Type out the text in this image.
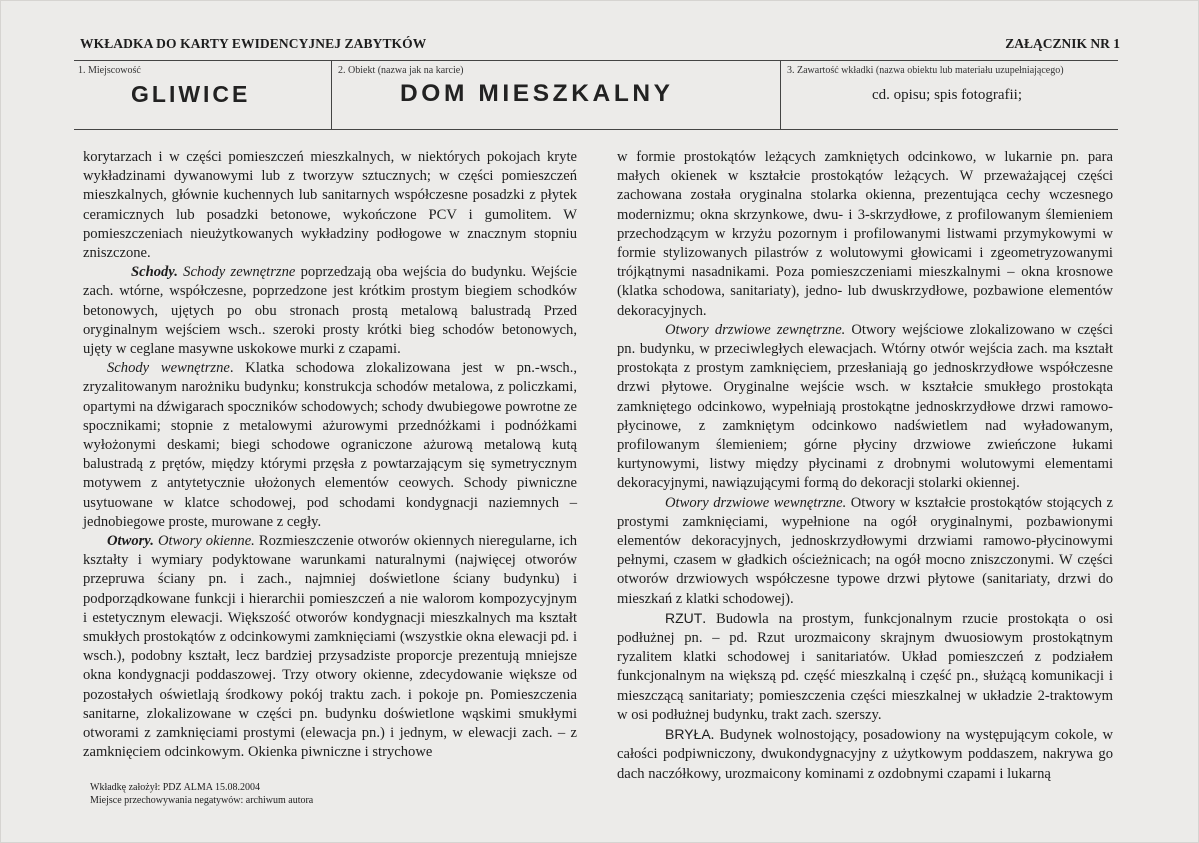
WKŁADKA DO KARTY EWIDENCYJNEJ ZABYTKÓW	ZAŁĄCZNIK NR 1
1. Miejscowość
GLIWICE
2. Obiekt (nazwa jak na karcie)
DOM MIESZKALNY
3. Zawartość wkładki (nazwa obiektu lub materiału uzupełniającego)
cd. opisu; spis fotografii;

korytarzach i w części pomieszczeń mieszkalnych, w niektórych pokojach kryte wykładzinami dywanowymi lub z tworzyw sztucznych; w części pomieszczeń mieszkalnych, głównie kuchennych lub sanitarnych współczesne posadzki z płytek ceramicznych lub posadzki betonowe, wykończone PCV i gumolitem. W pomieszczeniach nieużytkowanych wykładziny podłogowe w znacznym stopniu zniszczone.

Schody. Schody zewnętrzne poprzedzają oba wejścia do budynku. Wejście zach. wtórne, współczesne, poprzedzone jest krótkim prostym biegiem schodków betonowych, ujętych po obu stronach prostą metalową balustradą Przed oryginalnym wejściem wsch.. szeroki prosty krótki bieg schodów betonowych, ujęty w ceglane masywne uskokowe murki z czapami.

Schody wewnętrzne. Klatka schodowa zlokalizowana jest w pn.-wsch., zryzalitowanym narożniku budynku; konstrukcja schodów metalowa, z policzkami, opartymi na dźwigarach spoczników schodowych; schody dwubiegowe powrotne ze spocznikami; stopnie z metalowymi ażurowymi przednóżkami i podnóżkami wyłożonymi deskami; biegi schodowe ograniczone ażurową metalową kutą balustradą z prętów, między którymi przęsła z powtarzającym się symetrycznym motywem z antytetycznie ułożonych elementów ceowych. Schody piwniczne usytuowane w klatce schodowej, pod schodami kondygnacji naziemnych – jednobiegowe proste, murowane z cegły.

Otwory. Otwory okienne. Rozmieszczenie otworów okiennych nieregularne, ich kształty i wymiary podyktowane warunkami naturalnymi (najwięcej otworów przepruwa ściany pn. i zach., najmniej doświetlone ściany budynku) i podporządkowane funkcji i hierarchii pomieszczeń a nie walorom kompozycyjnym i estetycznym elewacji. Większość otworów kondygnacji mieszkalnych ma kształt smukłych prostokątów z odcinkowymi zamknięciami (wszystkie okna elewacji pd. i wsch.), podobny kształt, lecz bardziej przysadziste proporcje prezentują mniejsze okna kondygnacji poddaszowej. Trzy otwory okienne, zdecydowanie większe od pozostałych oświetlają środkowy pokój traktu zach. i pokoje pn. Pomieszczenia sanitarne, zlokalizowane w części pn. budynku doświetlone wąskimi smukłymi otworami z zamknięciami prostymi (elewacja pn.) i jednym, w elewacji zach. – z zamknięciem odcinkowym. Okienka piwniczne i strychowe

w formie prostokątów leżących zamkniętych odcinkowo, w lukarnie pn. para małych okienek w kształcie prostokątów leżących. W przeważającej części zachowana została oryginalna stolarka okienna, prezentująca cechy wczesnego modernizmu; okna skrzynkowe, dwu- i 3-skrzydłowe, z profilowanym ślemieniem przechodzącym w krzyżu pozornym i profilowanymi listwami przymykowymi w formie stylizowanych pilastrów z wolutowymi głowicami i zgeometryzowanymi trójkątnymi nasadnikami. Poza pomieszczeniami mieszkalnymi – okna krosnowe (klatka schodowa, sanitariaty), jedno- lub dwuskrzydłowe, pozbawione elementów dekoracyjnych.

Otwory drzwiowe zewnętrzne. Otwory wejściowe zlokalizowano w części pn. budynku, w przeciwległych elewacjach. Wtórny otwór wejścia zach. ma kształt prostokąta z prostym zamknięciem, przesłaniają go jednoskrzydłowe współczesne drzwi płytowe. Oryginalne wejście wsch. w kształcie smukłego prostokąta zamkniętego odcinkowo, wypełniają prostokątne jednoskrzydłowe drzwi ramowo-płycinowe, z zamkniętym odcinkowo nadświetlem nad wyładowanym, profilowanym ślemieniem; górne płyciny drzwiowe zwieńczone łukami kurtynowymi, listwy między płycinami z drobnymi wolutowymi elementami dekoracyjnymi, nawiązującymi formą do dekoracji stolarki okiennej.

Otwory drzwiowe wewnętrzne. Otwory w kształcie prostokątów stojących z prostymi zamknięciami, wypełnione na ogół oryginalnymi, pozbawionymi elementów dekoracyjnych, jednoskrzydłowymi drzwiami ramowo-płycinowymi pełnymi, czasem w gładkich ościeżnicach; na ogół mocno zniszczonymi. W części otworów drzwiowych współczesne typowe drzwi płytowe (sanitariaty, drzwi do mieszkań z klatki schodowej).

RZUT. Budowla na prostym, funkcjonalnym rzucie prostokąta o osi podłużnej pn. – pd. Rzut urozmaicony skrajnym dwuosiowym prostokątnym ryzalitem klatki schodowej i sanitariatów. Układ pomieszczeń z podziałem funkcjonalnym na większą pd. część mieszkalną i część pn., służącą komunikacji i mieszczącą sanitariaty; pomieszczenia części mieszkalnej w układzie 2-traktowym w osi podłużnej budynku, trakt zach. szerszy.

BRYŁA. Budynek wolnostojący, posadowiony na występującym cokole, w całości podpiwniczony, dwukondygnacyjny z użytkowym poddaszem, nakrywa go dach naczółkowy, urozmaicony kominami z ozdobnymi czapami i lukarną

Wkładkę założył: PDZ ALMA 15.08.2004
Miejsce przechowywania negatywów: archiwum autora
